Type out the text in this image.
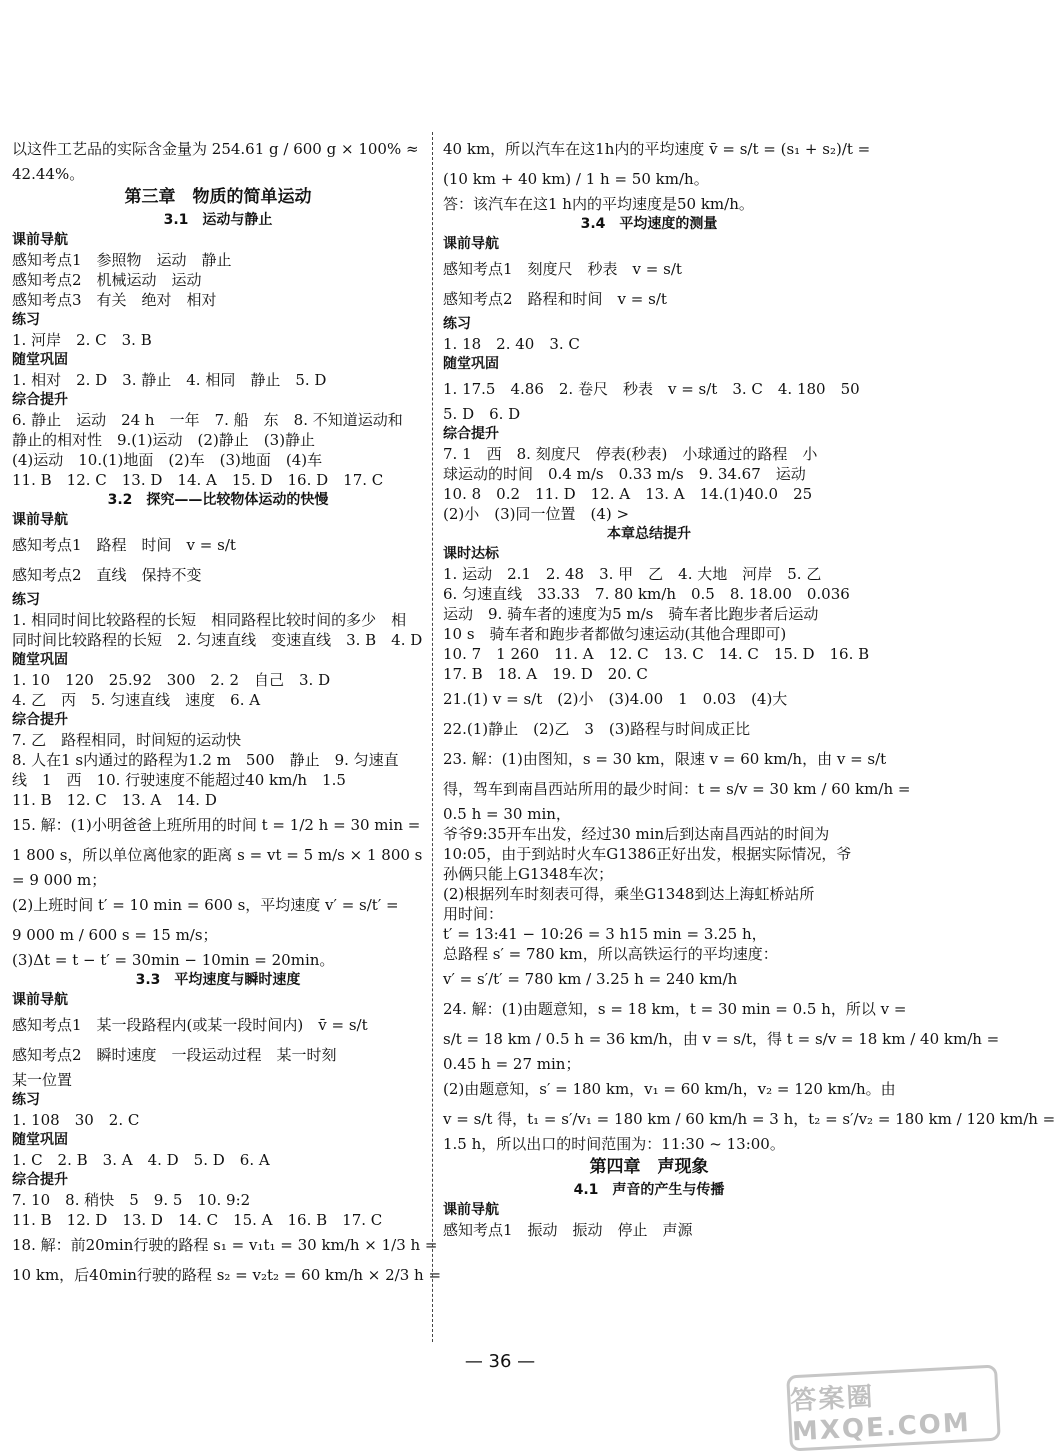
以这件工艺品的实际含金量为 254.61 g / 600 g × 100% ≈
42.44%。
第三章　物质的简单运动
3.1　运动与静止
课前导航
感知考点1　参照物　运动　静止
感知考点2　机械运动　运动
感知考点3　有关　绝对　相对
练习
1. 河岸　2. C　3. B
随堂巩固
1. 相对　2. D　3. 静止　4. 相同　静止　5. D
综合提升
6. 静止　运动　24 h　一年　7. 船　东　8. 不知道运动和
静止的相对性　9.(1)运动　(2)静止　(3)静止
(4)运动　10.(1)地面　(2)车　(3)地面　(4)车
11. B　12. C　13. D　14. A　15. D　16. D　17. C
3.2　探究——比较物体运动的快慢
课前导航
感知考点1　路程　时间　v = s/t
感知考点2　直线　保持不变
练习
1. 相同时间比较路程的长短　相同路程比较时间的多少　相
同时间比较路程的长短　2. 匀速直线　变速直线　3. B　4. D
随堂巩固
1. 10　120　25.92　300　2. 2　自己　3. D
4. 乙　丙　5. 匀速直线　速度　6. A
综合提升
7. 乙　路程相同，时间短的运动快
8. 人在1 s内通过的路程为1.2 m　500　静止　9. 匀速直
线　1　西　10. 行驶速度不能超过40 km/h　1.5
11. B　12. C　13. A　14. D
15. 解：(1)小明爸爸上班所用的时间 t = 1/2 h = 30 min =
1 800 s，所以单位离他家的距离 s = vt = 5 m/s × 1 800 s
= 9 000 m；
(2)上班时间 t′ = 10 min = 600 s，平均速度 v′ = s/t′ =
9 000 m / 600 s = 15 m/s；
(3)Δt = t − t′ = 30min − 10min = 20min。
3.3　平均速度与瞬时速度
课前导航
感知考点1　某一段路程内(或某一段时间内)　v̄ = s/t
感知考点2　瞬时速度　一段运动过程　某一时刻
某一位置
练习
1. 108　30　2. C
随堂巩固
1. C　2. B　3. A　4. D　5. D　6. A
综合提升
7. 10　8. 稍快　5　9. 5　10. 9:2
11. B　12. D　13. D　14. C　15. A　16. B　17. C
18. 解：前20min行驶的路程 s₁ = v₁t₁ = 30 km/h × 1/3 h =
10 km，后40min行驶的路程 s₂ = v₂t₂ = 60 km/h × 2/3 h =
40 km，所以汽车在这1h内的平均速度 v̄ = s/t = (s₁ + s₂)/t =
(10 km + 40 km) / 1 h = 50 km/h。
答：该汽车在这1 h内的平均速度是50 km/h。
3.4　平均速度的测量
课前导航
感知考点1　刻度尺　秒表　v = s/t
感知考点2　路程和时间　v = s/t
练习
1. 18　2. 40　3. C
随堂巩固
1. 17.5　4.86　2. 卷尺　秒表　v = s/t　3. C　4. 180　50
5. D　6. D
综合提升
7. 1　西　8. 刻度尺　停表(秒表)　小球通过的路程　小
球运动的时间　0.4 m/s　0.33 m/s　9. 34.67　运动
10. 8　0.2　11. D　12. A　13. A　14.(1)40.0　25
(2)小　(3)同一位置　(4) >
本章总结提升
课时达标
1. 运动　2.1　2. 48　3. 甲　乙　4. 大地　河岸　5. 乙
6. 匀速直线　33.33　7. 80 km/h　0.5　8. 18.00　0.036
运动　9. 骑车者的速度为5 m/s　骑车者比跑步者后运动
10 s　骑车者和跑步者都做匀速运动(其他合理即可)
10. 7　1 260　11. A　12. C　13. C　14. C　15. D　16. B
17. B　18. A　19. D　20. C
21.(1) v = s/t　(2)小　(3)4.00　1　0.03　(4)大
22.(1)静止　(2)乙　3　(3)路程与时间成正比
23. 解：(1)由图知，s = 30 km，限速 v = 60 km/h，由 v = s/t
得，驾车到南昌西站所用的最少时间：t = s/v = 30 km / 60 km/h =
0.5 h = 30 min，
爷爷9:35开车出发，经过30 min后到达南昌西站的时间为
10:05，由于到站时火车G1386正好出发，根据实际情况，爷
孙俩只能上G1348车次；
(2)根据列车时刻表可得，乘坐G1348到达上海虹桥站所
用时间：
t′ = 13:41 − 10:26 = 3 h15 min = 3.25 h，
总路程 s′ = 780 km，所以高铁运行的平均速度：
v′ = s′/t′ = 780 km / 3.25 h = 240 km/h
24. 解：(1)由题意知，s = 18 km，t = 30 min = 0.5 h，所以 v =
s/t = 18 km / 0.5 h = 36 km/h，由 v = s/t，得 t = s/v = 18 km / 40 km/h =
0.45 h = 27 min；
(2)由题意知，s′ = 180 km，v₁ = 60 km/h，v₂ = 120 km/h。由
v = s/t 得，t₁ = s′/v₁ = 180 km / 60 km/h = 3 h，t₂ = s′/v₂ = 180 km / 120 km/h =
1.5 h，所以出口的时间范围为：11:30 ~ 13:00。
第四章　声现象
4.1　声音的产生与传播
课前导航
感知考点1　振动　振动　停止　声源
— 36 —
答案圈 MXQE.COM
